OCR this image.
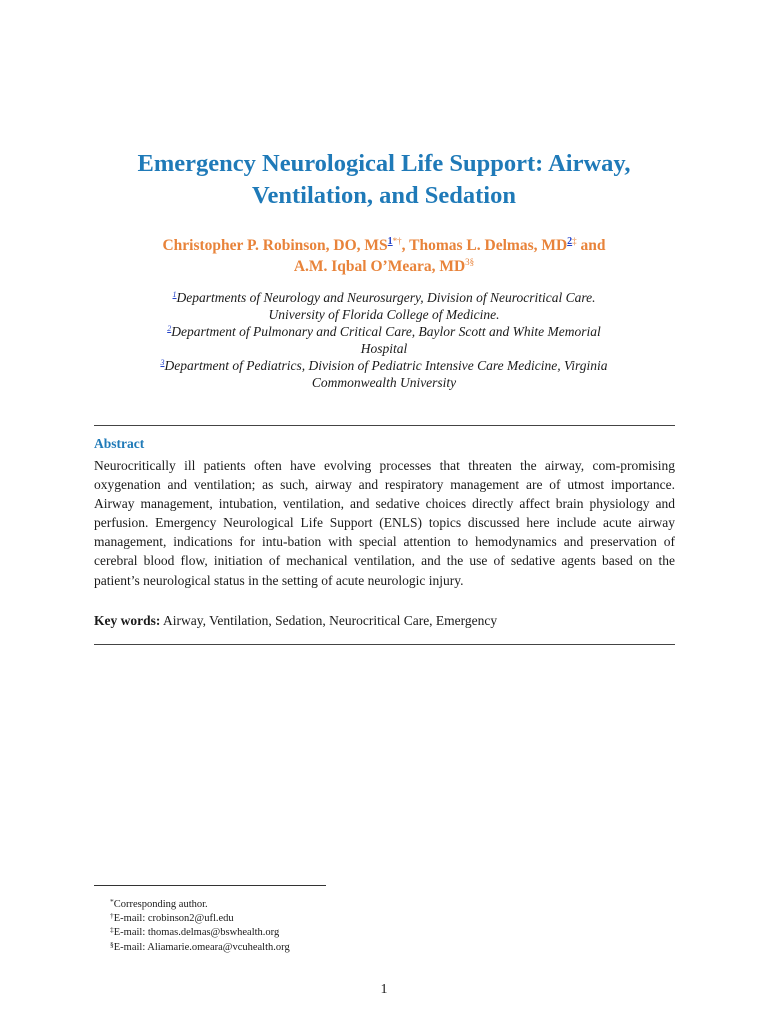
Emergency Neurological Life Support: Airway,
Ventilation, and Sedation
Christopher P. Robinson, DO, $MS^{1*\dagger}$, Thomas L. Delmas, $MD^{2\ddagger}$ and
A.M. Iqbal O’Meara, $MD^{3\S}$
$^1$Departments of Neurology and Neurosurgery, Division of Neurocritical Care.
University of Florida College of Medicine.
$^2$Department of Pulmonary and Critical Care, Baylor Scott and White Memorial
Hospital
$^3$Department of Pediatrics, Division of Pediatric Intensive Care Medicine, Virginia
Commonwealth University
Abstract

Neurocritically ill patients often have evolving processes that threaten the airway, com-promising oxygenation and ventilation; as such, airway and respiratory management are of utmost importance. Airway management, intubation, ventilation, and sedative choices directly affect brain physiology and perfusion. Emergency Neurological Life Support (ENLS) topics discussed here include acute airway management, indications for intu-bation with special attention to hemodynamics and preservation of cerebral blood flow, initiation of mechanical ventilation, and the use of sedative agents based on the patient’s neurological status in the setting of acute neurologic injury.

Key words: Airway, Ventilation, Sedation, Neurocritical Care, Emergency
*Corresponding author.
†E-mail: crobinson2@ufl.edu
‡E-mail: thomas.delmas@bswhealth.org
§E-mail: Aliamarie.omeara@vcuhealth.org
1
